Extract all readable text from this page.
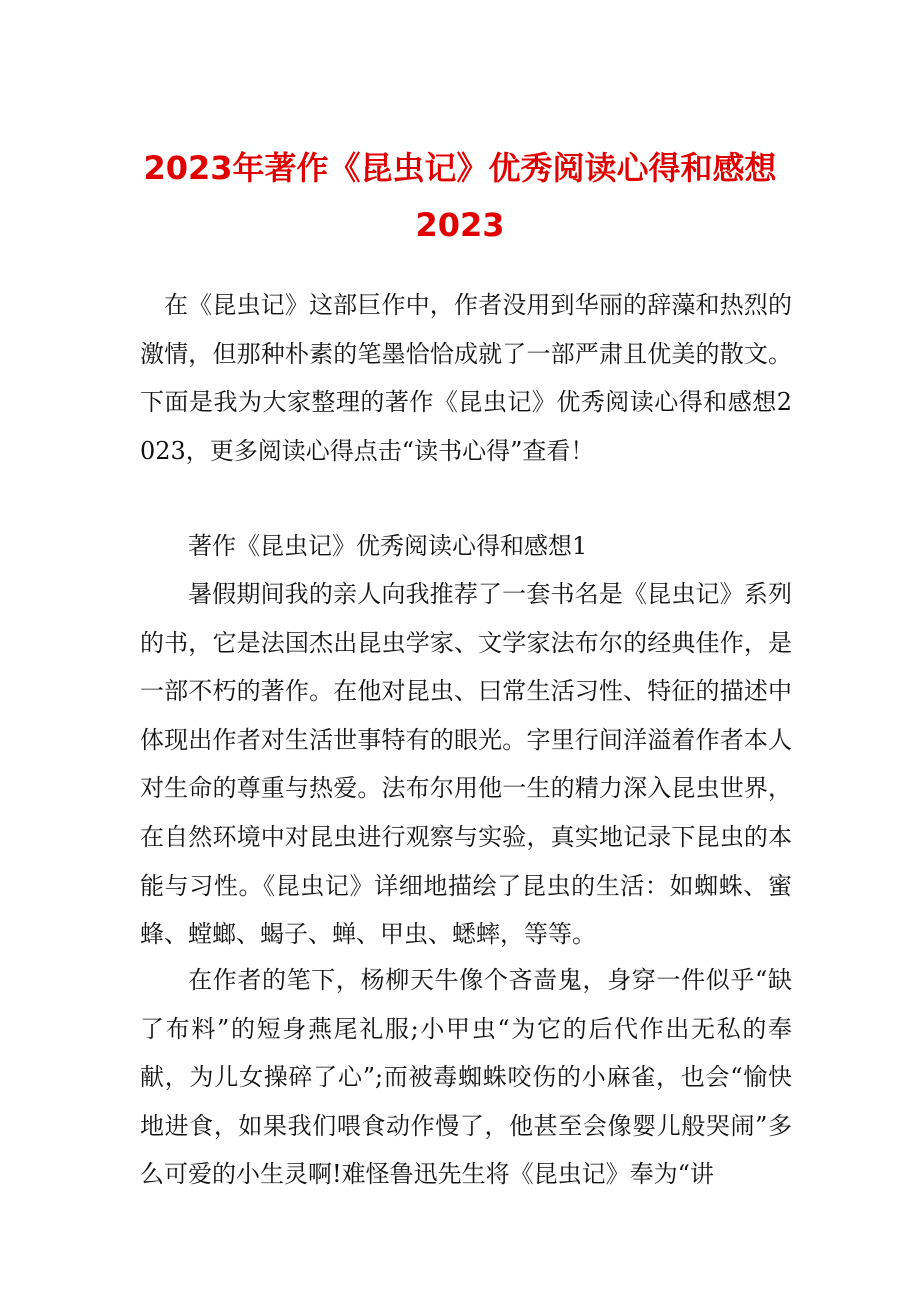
2023年著作《昆虫记》优秀阅读心得和感想
2023

在《昆虫记》这部巨作中，作者没用到华丽的辞藻和热烈的激情，但那种朴素的笔墨恰恰成就了一部严肃且优美的散文。下面是我为大家整理的著作《昆虫记》优秀阅读心得和感想2023，更多阅读心得点击“读书心得”查看！

著作《昆虫记》优秀阅读心得和感想1

暑假期间我的亲人向我推荐了一套书名是《昆虫记》系列的书，它是法国杰出昆虫学家、文学家法布尔的经典佳作，是一部不朽的著作。在他对昆虫、曰常生活习性、特征的描述中体现出作者对生活世事特有的眼光。字里行间洋溢着作者本人对生命的尊重与热爱。法布尔用他一生的精力深入昆虫世界，在自然环境中对昆虫进行观察与实验，真实地记录下昆虫的本能与习性。《昆虫记》详细地描绘了昆虫的生活：如蜘蛛、蜜蜂、螳螂、蝎子、蝉、甲虫、蟋蟀，等等。

在作者的笔下，杨柳天牛像个吝啬鬼，身穿一件似乎“缺了布料”的短身燕尾礼服;小甲虫“为它的后代作出无私的奉献，为儿女操碎了心”;而被毒蜘蛛咬伤的小麻雀，也会“愉快地进食，如果我们喂食动作慢了，他甚至会像婴儿般哭闹”多么可爱的小生灵啊!难怪鲁迅先生将《昆虫记》奉为“讲
